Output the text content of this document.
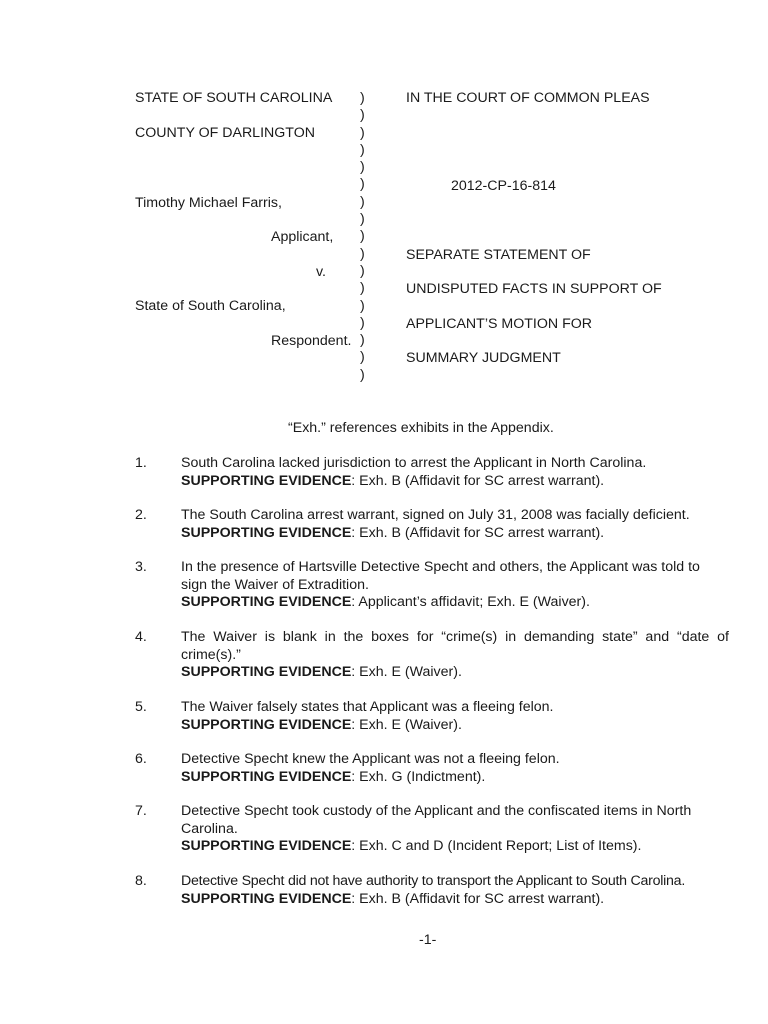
STATE OF SOUTH CAROLINA
COUNTY OF DARLINGTON
Timothy Michael Farris,
Applicant,
v.
State of South Carolina,
Respondent.
)
)
)
)
)
)
)
)
)
)
)
)
)
)
)
)
)
IN THE COURT OF COMMON PLEAS
2012-CP-16-814
SEPARATE STATEMENT OF
UNDISPUTED FACTS IN SUPPORT OF
APPLICANT’S MOTION FOR
SUMMARY JUDGMENT
“Exh.” references exhibits in the Appendix.
1. South Carolina lacked jurisdiction to arrest the Applicant in North Carolina.
SUPPORTING EVIDENCE: Exh. B (Affidavit for SC arrest warrant).
2. The South Carolina arrest warrant, signed on July 31, 2008 was facially deficient.
SUPPORTING EVIDENCE: Exh. B (Affidavit for SC arrest warrant).
3. In the presence of Hartsville Detective Specht and others, the Applicant was told to sign the Waiver of Extradition.
SUPPORTING EVIDENCE: Applicant’s affidavit; Exh. E (Waiver).
4. The Waiver is blank in the boxes for “crime(s) in demanding state” and “date of crime(s).”
SUPPORTING EVIDENCE: Exh. E (Waiver).
5. The Waiver falsely states that Applicant was a fleeing felon.
SUPPORTING EVIDENCE: Exh. E (Waiver).
6. Detective Specht knew the Applicant was not a fleeing felon.
SUPPORTING EVIDENCE: Exh. G (Indictment).
7. Detective Specht took custody of the Applicant and the confiscated items in North Carolina.
SUPPORTING EVIDENCE: Exh. C and D (Incident Report; List of Items).
8. Detective Specht did not have authority to transport the Applicant to South Carolina.
SUPPORTING EVIDENCE: Exh. B (Affidavit for SC arrest warrant).
-1-
